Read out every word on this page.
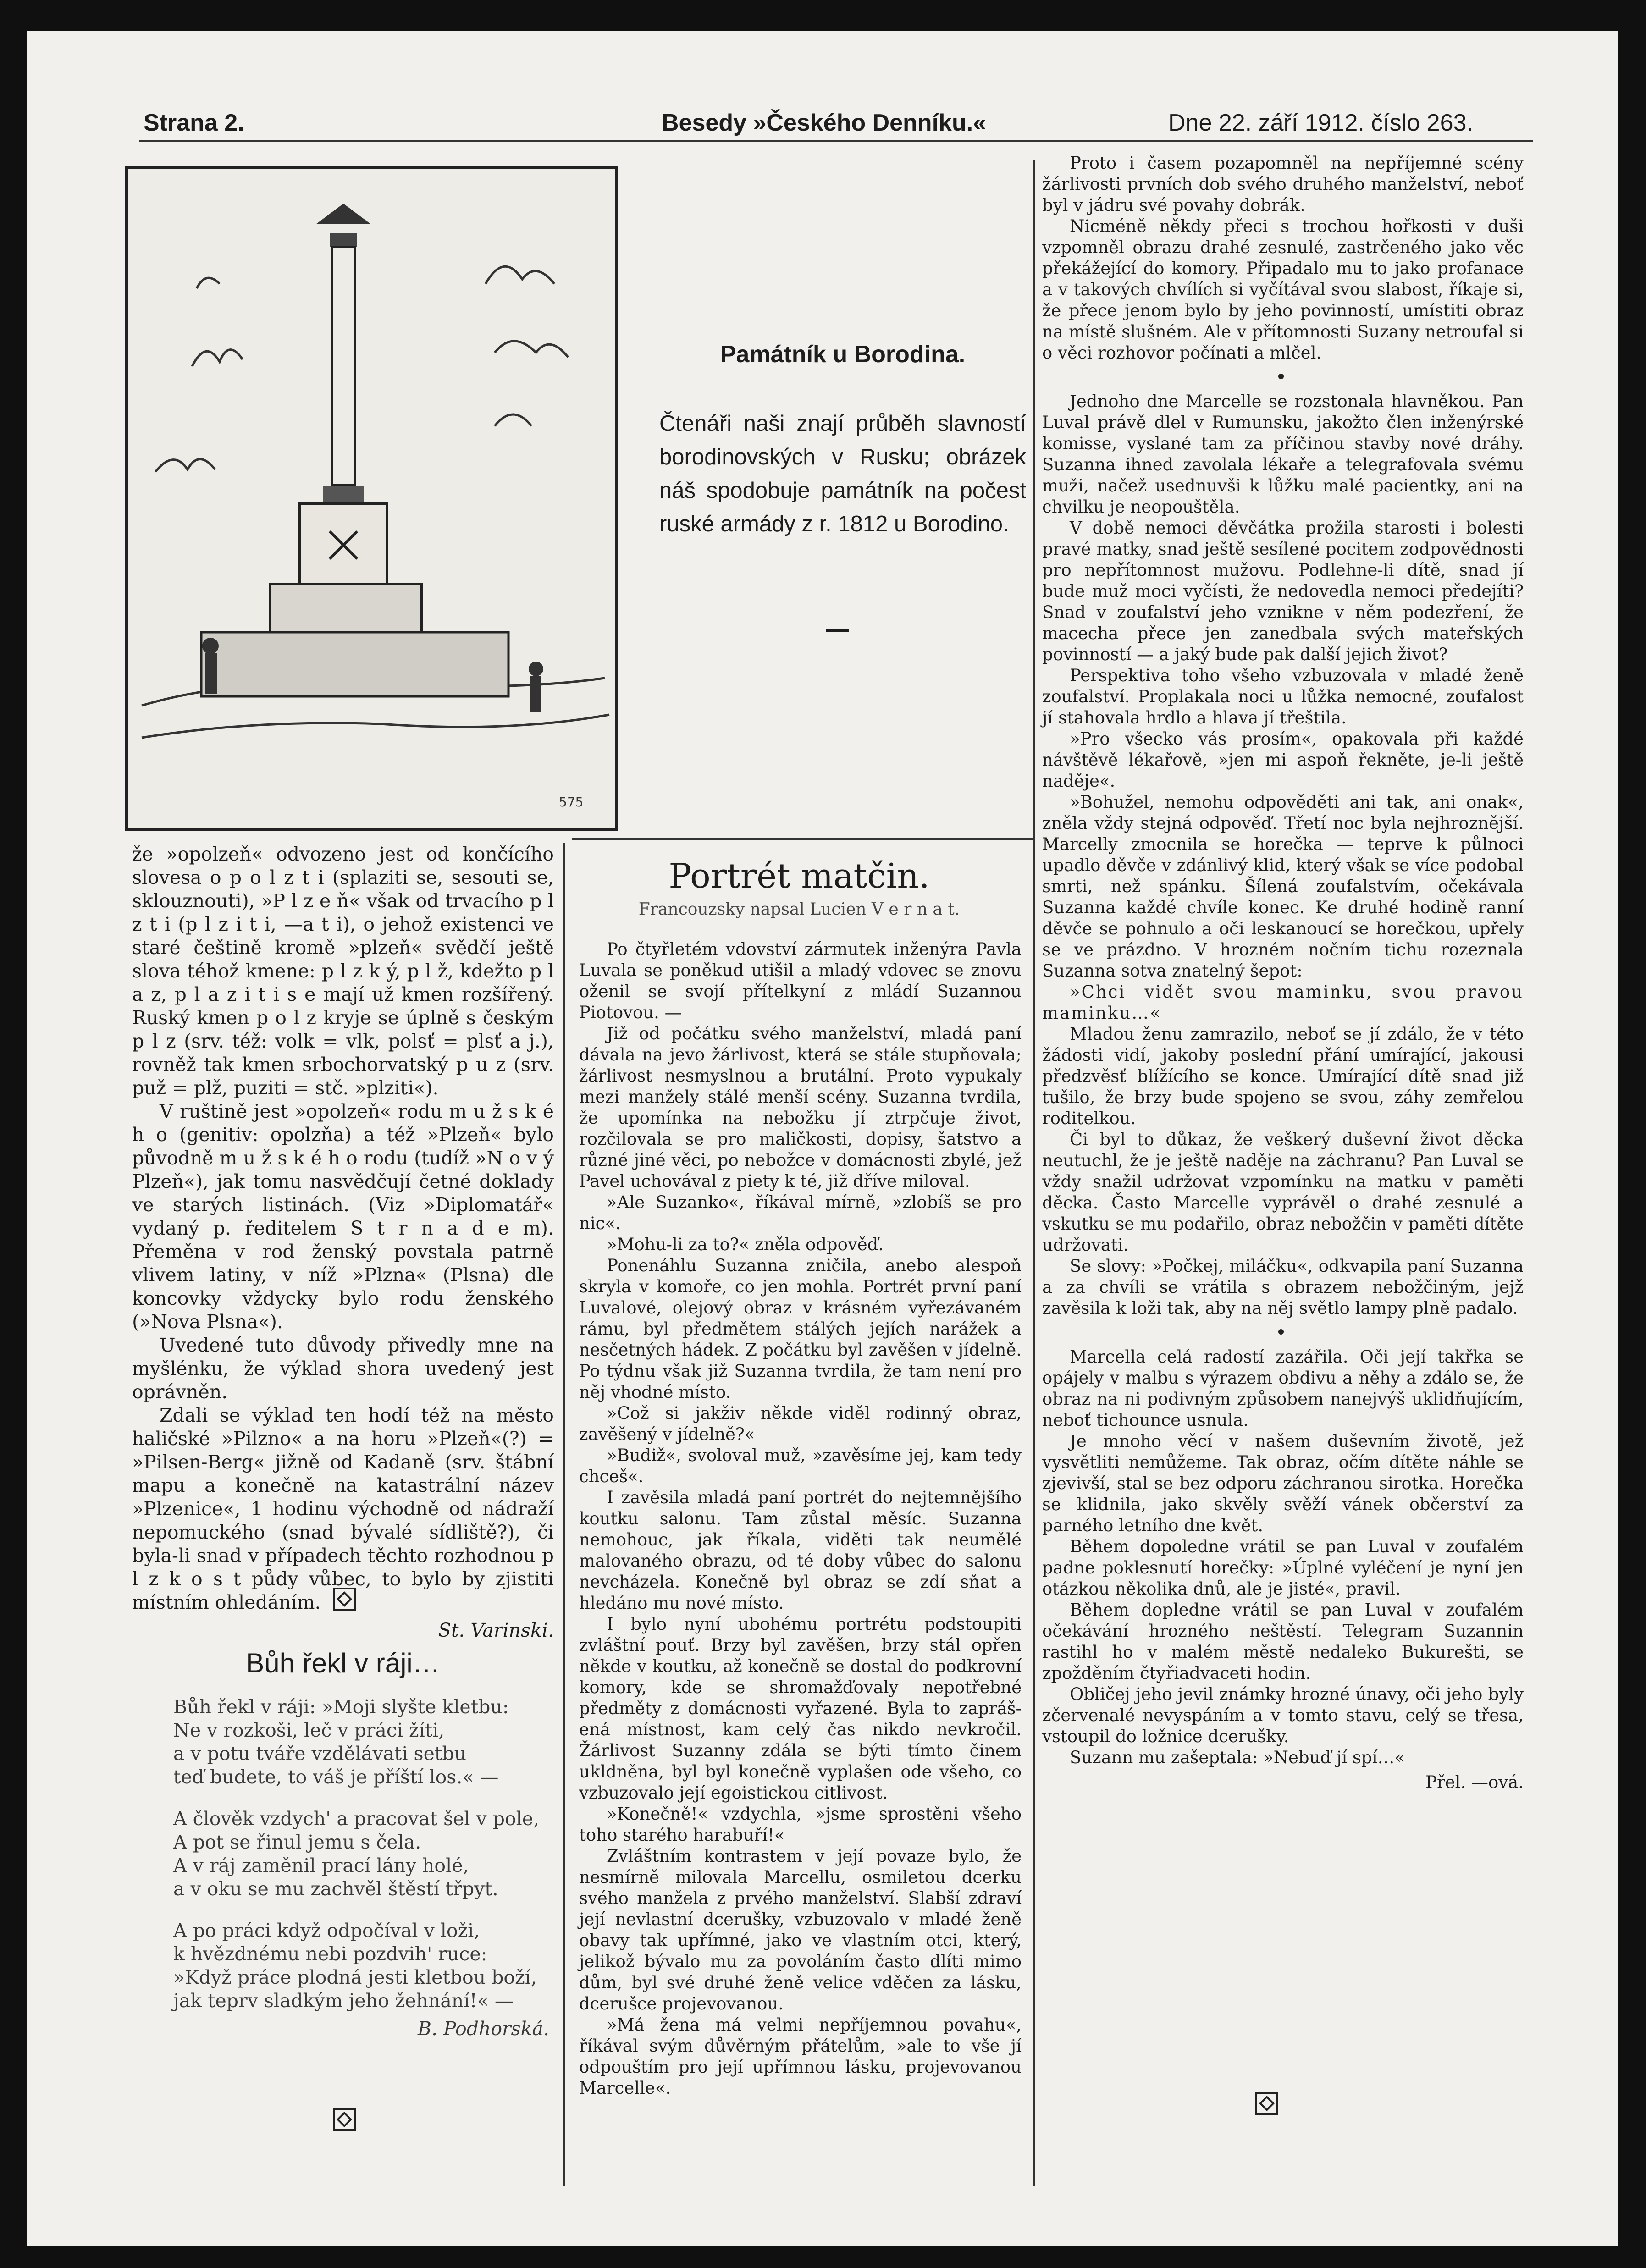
Strana 2.	Besedy »Českého Denníku.«	Dne 22. září 1912. číslo 263.
575
Památník u Borodina.
Čtenáři naši znají průběh slavností borodinovských v Rusku; obrázek náš spodobuje památník na počest ruské armády z r. 1812 u Borodino.
—

že »opolzeň« odvozeno jest od končícího slovesa o p o l z t i (splaziti se, sesouti se, sklouznouti), »P l z e ň« však od trvacího p l z t i (p l z i t i, —a t i), o jehož existenci ve staré češtině kromě »plzeň« svědčí ještě slova téhož kmene: p l z k ý, p l ž, kdežto p l a z, p l a z i t i s e mají už kmen rozšířený. Ruský kmen p o l z kryje se úplně s českým p l z (srv. též: volk = vlk, polsť = plsť a j.), rovněž tak kmen srbochorvatský p u z (srv. puž = plž, puziti = stč. »plziti«).

V ruštině jest »opolzeň« rodu m u ž s k é h o (genitiv: opolzňa) a též »Plzeň« bylo původně m u ž s k é h o rodu (tudíž »N o v ý Plzeň«), jak tomu nasvědčují četné doklady ve starých listinách. (Viz »Diplomatář« vydaný p. ředitelem S t r n a d e m). Přeměna v rod ženský povstala patrně vlivem latiny, v níž »Plzna« (Plsna) dle koncovky vždycky bylo rodu ženského (»Nova Plsna«).

Uvedené tuto důvody přivedly mne na myšlénku, že výklad shora uvedený jest oprávněn.

Zdali se výklad ten hodí též na město haličské »Pilzno« a na horu »Plzeň«(?) = »Pilsen-Berg« jižně od Kadaně (srv. štábní mapu a konečně na katastrální název »Plzenice«, 1 hodinu východně od nádraží nepomuckého (snad bývalé sídliště?), či byla-li snad v případech těchto rozhodnou p l z k o s t půdy vůbec, to bylo by zjistiti místním ohledáním.

St. Varinski.
Bůh řekl v ráji…
Bůh řekl v ráji: »Moji slyšte kletbu:
Ne v rozkoši, leč v práci žíti,
a v potu tváře vzdělávati setbu
teď budete, to váš je příští los.« —
A člověk vzdych' a pracovat šel v pole,
A pot se řinul jemu s čela.
A v ráj zaměnil prací lány holé,
a v oku se mu zachvěl štěstí třpyt.
A po práci když odpočíval v loži,
k hvězdnému nebi pozdvih' ruce:
»Když práce plodná jesti kletbou boží,
jak teprv sladkým jeho žehnání!« —
B. Podhorská.
Portrét matčin.
Francouzsky napsal Lucien V e r n a t.

Po čtyřletém vdovství zármutek inženýra Pavla Luvala se poněkud utišil a mladý vdovec se znovu oženil se svojí přítelkyní z mládí Suzannou Piotovou. —

Již od počátku svého manželství, mladá paní dávala na jevo žárlivost, která se stále stupňovala; žárlivost nesmyslnou a brutální. Proto vypukaly mezi manžely stálé menší scény. Suzanna tvrdila, že upomínka na nebožku jí ztrpčuje život, rozčilovala se pro maličkosti, dopisy, šatstvo a různé jiné věci, po nebožce v domácnosti zbylé, jež Pavel uchovával z piety k té, již dříve miloval.

»Ale Suzanko«, říkával mírně, »zlobíš se pro nic«.

»Mohu-li za to?« zněla odpověď.

Ponenáhlu Suzanna zničila, anebo alespoň skryla v komoře, co jen mohla. Portrét první paní Luvalové, olejový obraz v krásném vyřezávaném rámu, byl předmětem stálých jejích narážek a nesčetných hádek. Z počátku byl zavěšen v jídelně. Po týdnu však již Suzanna tvrdila, že tam není pro něj vhodné místo.

»Což si jakživ někde viděl rodinný obraz, zavěšený v jídelně?«

»Budiž«, svoloval muž, »zavěsíme jej, kam tedy chceš«.

I zavěsila mladá paní portrét do nejtemnějšího koutku salonu. Tam zůstal měsíc. Suzanna nemohouc, jak říkala, viděti tak neumělé malovaného obrazu, od té doby vůbec do salonu nevcházela. Konečně byl obraz se zdí sňat a hledáno mu nové místo.

I bylo nyní ubohému portrétu podstoupiti zvláštní pouť. Brzy byl zavěšen, brzy stál opřen někde v koutku, až konečně se dostal do podkrovní komory, kde se shromažďovaly nepotřebné předměty z domácnosti vyřazené. Byla to zaprášená místnost, kam celý čas nikdo nevkročil. Žárlivost Suzanny zdála se býti tímto činem ukldněna, byl byl konečně vyplašen ode všeho, co vzbuzovalo její egoistickou citlivost.

»Konečně!« vzdychla, »jsme sprostěni všeho toho starého harabuří!«

Zvláštním kontrastem v její povaze bylo, že nesmírně milovala Marcellu, osmiletou dcerku svého manžela z prvého manželství. Slabší zdraví její nevlastní dcerušky, vzbuzovalo v mladé ženě obavy tak upřímné, jako ve vlastním otci, který, jelikož bývalo mu za povoláním často dlíti mimo dům, byl své druhé ženě velice vděčen za lásku, dcerušce projevovanou.

»Má žena má velmi nepříjemnou povahu«, říkával svým důvěrným přátelům, »ale to vše jí odpouštím pro její upřímnou lásku, projevovanou Marcelle«.

Proto i časem pozapomněl na nepříjemné scény žárlivosti prvních dob svého druhého manželství, neboť byl v jádru své povahy dobrák.

Nicméně někdy přeci s trochou hořkosti v duši vzpomněl obrazu drahé zesnulé, zastrčeného jako věc překážející do komory. Připadalo mu to jako profanace a v takových chvílích si vyčítával svou slabost, říkaje si, že přece jenom bylo by jeho povinností, umístiti obraz na místě slušném. Ale v přítomnosti Suzany netroufal si o věci rozhovor počínati a mlčel.

Jednoho dne Marcelle se rozstonala hlavněkou. Pan Luval právě dlel v Rumunsku, jakožto člen inženýrské komisse, vyslané tam za příčinou stavby nové dráhy. Suzanna ihned zavolala lékaře a telegrafovala svému muži, načež usednuvši k lůžku malé pacientky, ani na chvilku je neopouštěla.

V době nemoci děvčátka prožila starosti i bolesti pravé matky, snad ještě sesílené pocitem zodpovědnosti pro nepřítomnost mužovu. Podlehne-li dítě, snad jí bude muž moci vyčísti, že nedovedla nemoci předejíti? Snad v zoufalství jeho vznikne v něm podezření, že macecha přece jen zanedbala svých mateřských povinností — a jaký bude pak další jejich život?

Perspektiva toho všeho vzbuzovala v mladé ženě zoufalství. Proplakala noci u lůžka nemocné, zoufalost jí stahovala hrdlo a hlava jí třeštila.

»Pro všecko vás prosím«, opakovala při každé návštěvě lékařově, »jen mi aspoň řekněte, je-li ještě naděje«.

»Bohužel, nemohu odpověděti ani tak, ani onak«, zněla vždy stejná odpověď. Třetí noc byla nejhroznější. Marcelly zmocnila se horečka — teprve k půlnoci upadlo děvče v zdánlivý klid, který však se více podobal smrti, než spánku. Šílená zoufalstvím, očekávala Suzanna každé chvíle konec. Ke druhé hodině ranní děvče se pohnulo a oči leskanoucí se horečkou, upřely se ve prázdno. V hrozném nočním tichu rozeznala Suzanna sotva znatelný šepot:

»Chci vidět svou maminku, svou pravou maminku…«

Mladou ženu zamrazilo, neboť se jí zdálo, že v této žádosti vidí, jakoby poslední přání umírající, jakousi předzvěsť blížícího se konce. Umírající dítě snad již tušilo, že brzy bude spojeno se svou, záhy zemřelou roditelkou.

Či byl to důkaz, že veškerý duševní život děcka neutuchl, že je ještě naděje na záchranu? Pan Luval se vždy snažil udržovat vzpomínku na matku v paměti děcka. Často Marcelle vyprávěl o drahé zesnulé a vskutku se mu podařilo, obraz nebožčin v paměti dítěte udržovati.

Se slovy: »Počkej, miláčku«, odkvapila paní Suzanna a za chvíli se vrátila s obrazem nebožčiným, jejž zavěsila k loži tak, aby na něj světlo lampy plně padalo.

Marcella celá radostí zazářila. Oči její takřka se opájely v malbu s výrazem obdivu a něhy a zdálo se, že obraz na ni podivným způsobem nanejvýš uklidňujícím, neboť tichounce usnula.

Je mnoho věcí v našem duševním životě, jež vysvětliti nemůžeme. Tak obraz, očím dítěte náhle se zjevivší, stal se bez odporu záchranou sirotka. Horečka se klidnila, jako skvěly svěží vánek občerství za parného letního dne květ.

Během dopoledne vrátil se pan Luval v zoufalém padne poklesnutí horečky: »Úplné vyléčení je nyní jen otázkou několika dnů, ale je jisté«, pravil.

Během dopledne vrátil se pan Luval v zoufalém očekávání hrozného neštěstí. Telegram Suzannin rastihl ho v malém městě nedaleko Bukurešti, se zpožděním čtyřiadvaceti hodin.

Obličej jeho jevil známky hrozné únavy, oči jeho byly zčervenalé nevyspáním a v tomto stavu, celý se třesa, vstoupil do ložnice dcerušky.

Suzann mu zašeptala: »Nebuď jí spí…«

Přel. —ová.
